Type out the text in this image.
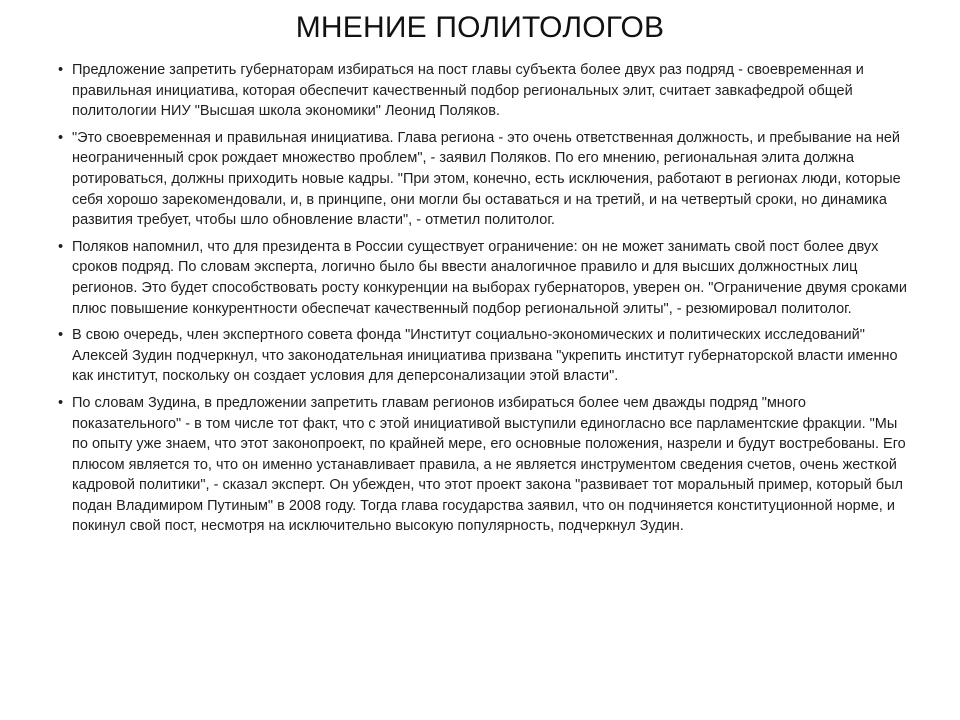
МНЕНИЕ ПОЛИТОЛОГОВ
• Предложение запретить губернаторам избираться на пост главы субъекта более двух раз подряд - своевременная и правильная инициатива, которая обеспечит качественный подбор региональных элит, считает завкафедрой общей политологии НИУ "Высшая школа экономики" Леонид Поляков.
• "Это своевременная и правильная инициатива. Глава региона - это очень ответственная должность, и пребывание на ней неограниченный срок рождает множество проблем", - заявил Поляков. По его мнению, региональная элита должна ротироваться, должны приходить новые кадры. "При этом, конечно, есть исключения, работают в регионах люди, которые себя хорошо зарекомендовали, и, в принципе, они могли бы оставаться и на третий, и на четвертый сроки, но динамика развития требует, чтобы шло обновление власти", - отметил политолог.
• Поляков напомнил, что для президента в России существует ограничение: он не может занимать свой пост более двух сроков подряд. По словам эксперта, логично было бы ввести аналогичное правило и для высших должностных лиц регионов. Это будет способствовать росту конкуренции на выборах губернаторов, уверен он. "Ограничение двумя сроками плюс повышение конкурентности обеспечат качественный подбор региональной элиты", - резюмировал политолог.
• В свою очередь, член экспертного совета фонда "Институт социально-экономических и политических исследований" Алексей Зудин подчеркнул, что законодательная инициатива призвана "укрепить институт губернаторской власти именно как институт, поскольку он создает условия для деперсонализации этой власти".
• По словам Зудина, в предложении запретить главам регионов избираться более чем дважды подряд "много показательного" - в том числе тот факт, что с этой инициативой выступили единогласно все парламентские фракции. "Мы по опыту уже знаем, что этот законопроект, по крайней мере, его основные положения, назрели и будут востребованы. Его плюсом является то, что он именно устанавливает правила, а не является инструментом сведения счетов, очень жесткой кадровой политики", - сказал эксперт. Он убежден, что этот проект закона "развивает тот моральный пример, который был подан Владимиром Путиным" в 2008 году. Тогда глава государства заявил, что он подчиняется конституционной норме, и покинул свой пост, несмотря на исключительно высокую популярность, подчеркнул Зудин.
